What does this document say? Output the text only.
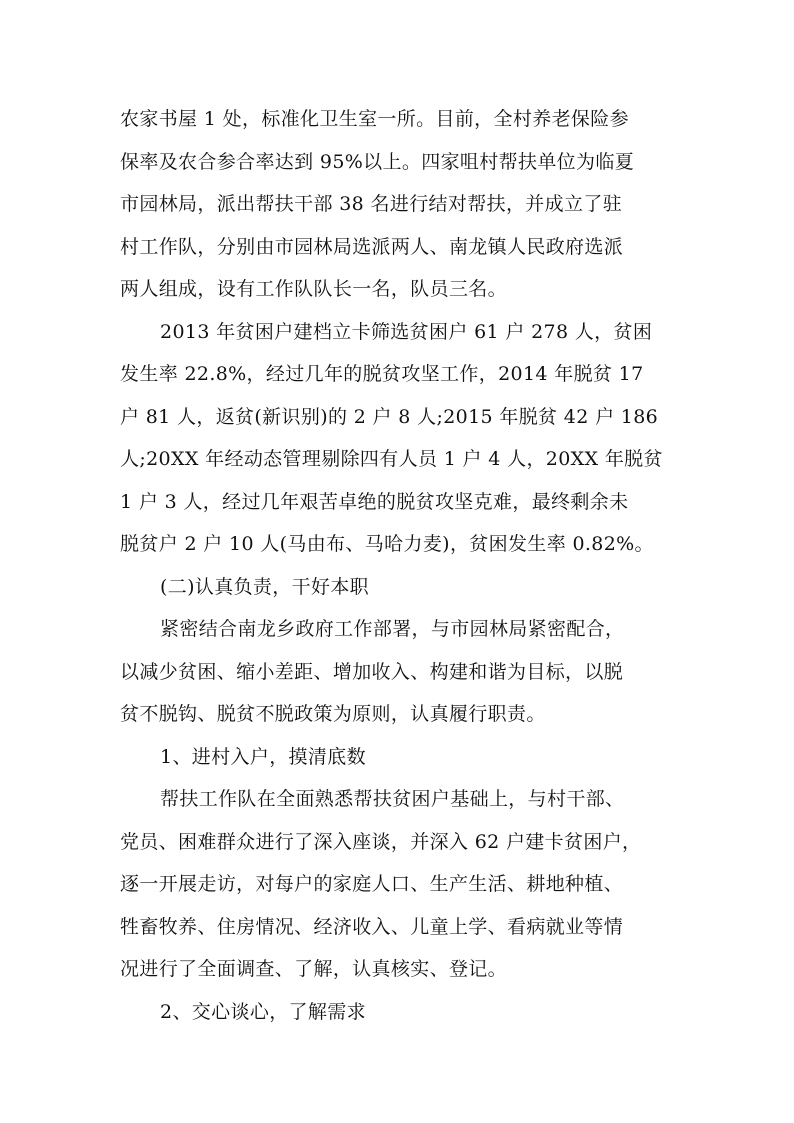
农家书屋 1 处，标准化卫生室一所。目前，全村养老保险参
保率及农合参合率达到 95%以上。四家咀村帮扶单位为临夏
市园林局，派出帮扶干部 38 名进行结对帮扶，并成立了驻
村工作队，分别由市园林局选派两人、南龙镇人民政府选派
两人组成，设有工作队队长一名，队员三名。
2013 年贫困户建档立卡筛选贫困户 61 户 278 人，贫困
发生率 22.8%，经过几年的脱贫攻坚工作，2014 年脱贫 17
户 81 人，返贫(新识别)的 2 户 8 人;2015 年脱贫 42 户 186
人;20XX 年经动态管理剔除四有人员 1 户 4 人，20XX 年脱贫
1 户 3 人，经过几年艰苦卓绝的脱贫攻坚克难，最终剩余未
脱贫户 2 户 10 人(马由布、马哈力麦)，贫困发生率 0.82%。
(二)认真负责，干好本职
紧密结合南龙乡政府工作部署，与市园林局紧密配合，
以减少贫困、缩小差距、增加收入、构建和谐为目标，以脱
贫不脱钩、脱贫不脱政策为原则，认真履行职责。
1、进村入户，摸清底数
帮扶工作队在全面熟悉帮扶贫困户基础上，与村干部、
党员、困难群众进行了深入座谈，并深入 62 户建卡贫困户，
逐一开展走访，对每户的家庭人口、生产生活、耕地种植、
牲畜牧养、住房情况、经济收入、儿童上学、看病就业等情
况进行了全面调查、了解，认真核实、登记。
2、交心谈心，了解需求
